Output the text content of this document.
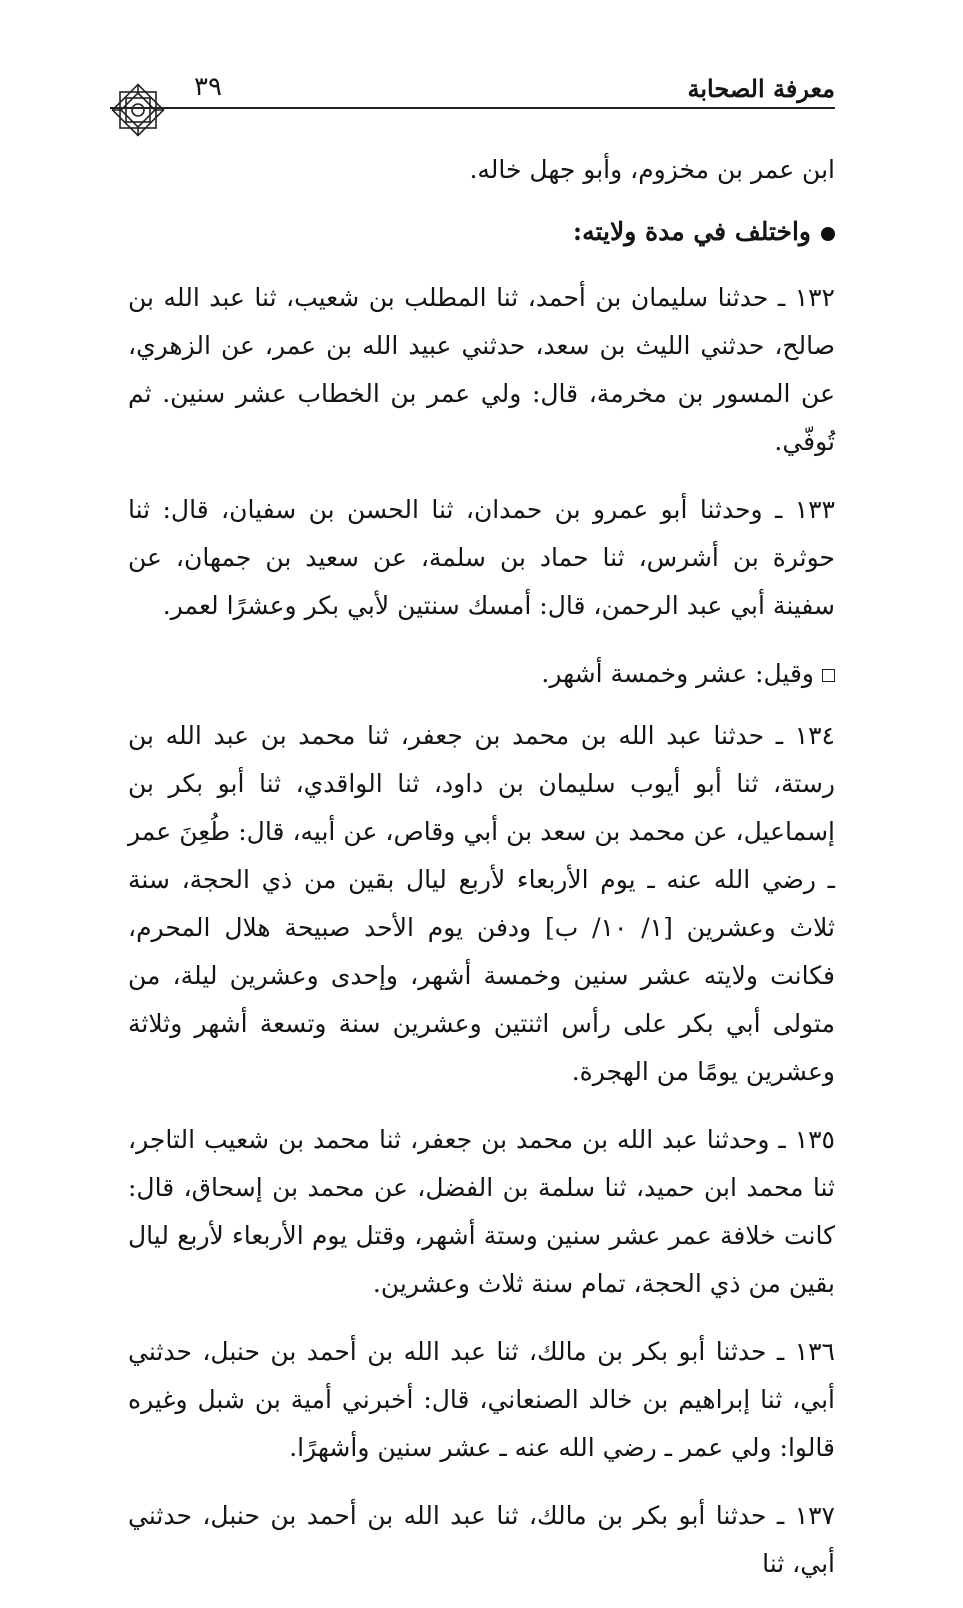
معرفة الصحابة
٣٩

ابن عمر بن مخزوم، وأبو جهل خاله.

واختلف في مدة ولايته:

١٣٢ ـ حدثنا سليمان بن أحمد، ثنا المطلب بن شعيب، ثنا عبد الله بن صالح، حدثني الليث بن سعد، حدثني عبيد الله بن عمر، عن الزهري، عن المسور بن مخرمة، قال: ولي عمر بن الخطاب عشر سنين. ثم تُوفّي.

١٣٣ ـ وحدثنا أبو عمرو بن حمدان، ثنا الحسن بن سفيان، قال: ثنا حوثرة بن أشرس، ثنا حماد بن سلمة، عن سعيد بن جمهان، عن سفينة أبي عبد الرحمن، قال: أمسك سنتين لأبي بكر وعشرًا لعمر.

وقيل: عشر وخمسة أشهر.

١٣٤ ـ حدثنا عبد الله بن محمد بن جعفر، ثنا محمد بن عبد الله بن رستة، ثنا أبو أيوب سليمان بن داود، ثنا الواقدي، ثنا أبو بكر بن إسماعيل، عن محمد بن سعد بن أبي وقاص، عن أبيه، قال: طُعِنَ عمر ـ رضي الله عنه ـ يوم الأربعاء لأربع ليال بقين من ذي الحجة، سنة ثلاث وعشرين [١/ ١٠/ ب] ودفن يوم الأحد صبيحة هلال المحرم، فكانت ولايته عشر سنين وخمسة أشهر، وإحدى وعشرين ليلة، من متولى أبي بكر على رأس اثنتين وعشرين سنة وتسعة أشهر وثلاثة وعشرين يومًا من الهجرة.

١٣٥ ـ وحدثنا عبد الله بن محمد بن جعفر، ثنا محمد بن شعيب التاجر، ثنا محمد ابن حميد، ثنا سلمة بن الفضل، عن محمد بن إسحاق، قال: كانت خلافة عمر عشر سنين وستة أشهر، وقتل يوم الأربعاء لأربع ليال بقين من ذي الحجة، تمام سنة ثلاث وعشرين.

١٣٦ ـ حدثنا أبو بكر بن مالك، ثنا عبد الله بن أحمد بن حنبل، حدثني أبي، ثنا إبراهيم بن خالد الصنعاني، قال: أخبرني أمية بن شبل وغيره قالوا: ولي عمر ـ رضي الله عنه ـ عشر سنين وأشهرًا.

١٣٧ ـ حدثنا أبو بكر بن مالك، ثنا عبد الله بن أحمد بن حنبل، حدثني أبي، ثنا
